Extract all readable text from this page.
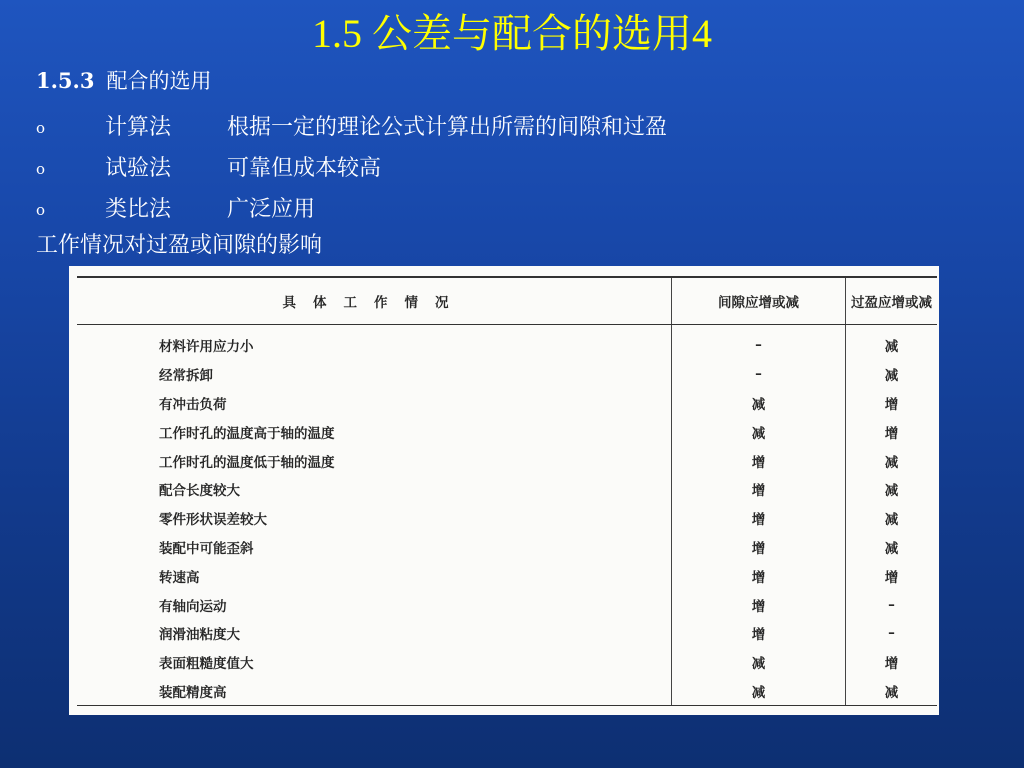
1.5 公差与配合的选用4
1.5.3 配合的选用
o	计算法	根据一定的理论公式计算出所需的间隙和过盈
o	试验法	可靠但成本较高
o	类比法	广泛应用
工作情况对过盈或间隙的影响
具体工作情况	间隙应增或减	过盈应增或减
材料许用应力小	–	减
经常拆卸	–	减
有冲击负荷	减	增
工作时孔的温度高于轴的温度	减	增
工作时孔的温度低于轴的温度	增	减
配合长度较大	增	减
零件形状误差较大	增	减
装配中可能歪斜	增	减
转速高	增	增
有轴向运动	增	–
润滑油粘度大	增	–
表面粗糙度值大	减	增
装配精度高	减	减
